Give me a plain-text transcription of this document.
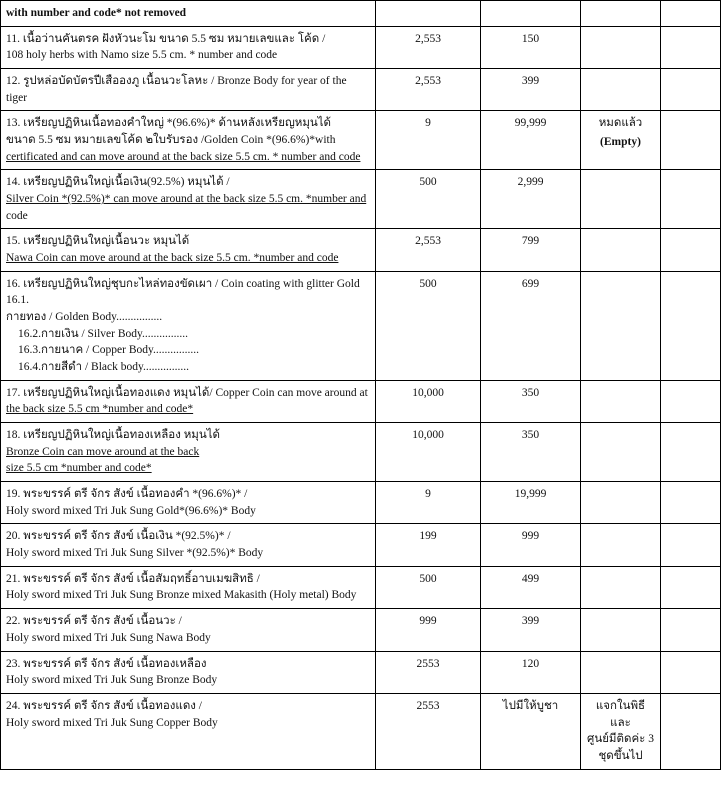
with number and code* not removed				

11. เนื้อว่านคันตรค ฝังหัวนะโม ขนาด 5.5 ซม หมายเลขและ โค้ด /
108 holy herbs with Namo size 5.5 cm. * number and code	2,553	150		

12. รูปหล่อบัดบัตรปีเสือองภู เนื้อนวะโลหะ / Bronze Body for year of the tiger	2,553	399		

13. เหรียญปฏิหินเนื้อทองคำใหญ่ *(96.6%)* ด้านหลังเหรียญหมุนได้
ขนาด 5.5 ซม หมายเลขโค้ด ๒ใบรับรอง /Golden Coin *(96.6%)*with
certificated and can move around at the back size 5.5 cm. * number and code	9	99,999	หมดแล้ว
(Empty)	

14. เหรียญปฏิหินใหญ่เนื้อเงิน(92.5%) หมุนได้ /
Silver Coin *(92.5%)* can move around at the back size 5.5 cm. *number and
code	500	2,999		

15. เหรียญปฏิหินใหญ่เนื้อนวะ หมุนได้
Nawa Coin can move around at the back size 5.5 cm. *number and code	2,553	799		

16. เหรียญปฏิหินใหญ่ชุบกะไหล่ทองขัดเผา / Coin coating with glitter Gold 16.1.
กายทอง / Golden Body................
16.2.กายเงิน / Silver Body................
16.3.กายนาค / Copper Body................
16.4.กายสีดำ / Black body................	500	699		

17. เหรียญปฏิหินใหญ่เนื้อทองแดง หมุนได้/ Copper Coin can move around at
the back size 5.5 cm *number and code*	10,000	350		

18. เหรียญปฏิหินใหญ่เนื้อทองเหลือง หมุนได้
Bronze Coin can move around at the back
size 5.5 cm *number and code*	10,000	350		

19. พระขรรค์ ตรี จักร สังข์ เนื้อทองคำ *(96.6%)* /
Holy sword mixed Tri Juk Sung Gold*(96.6%)* Body	9	19,999		

20. พระขรรค์ ตรี จักร สังข์ เนื้อเงิน *(92.5%)* /
Holy sword mixed Tri Juk Sung Silver *(92.5%)* Body	199	999		

21. พระขรรค์ ตรี จักร สังข์ เนื้อสัมฤทธิ์อาบเมฆสิทธิ /
Holy sword mixed Tri Juk Sung Bronze mixed Makasith (Holy metal) Body	500	499		

22. พระขรรค์ ตรี จักร สังข์ เนื้อนวะ /
Holy sword mixed Tri Juk Sung Nawa Body	999	399		

23. พระขรรค์ ตรี จักร สังข์ เนื้อทองเหลือง
Holy sword mixed Tri Juk Sung Bronze Body	2553	120		

24. พระขรรค์ ตรี จักร สังข์ เนื้อทองแดง /
Holy sword mixed Tri Juk Sung Copper Body	2553	ไปมีให้บูชา	แจกในพิธีและ
ศูนย์มีติดค่ะ 3
ชุดขึ้นไป	
